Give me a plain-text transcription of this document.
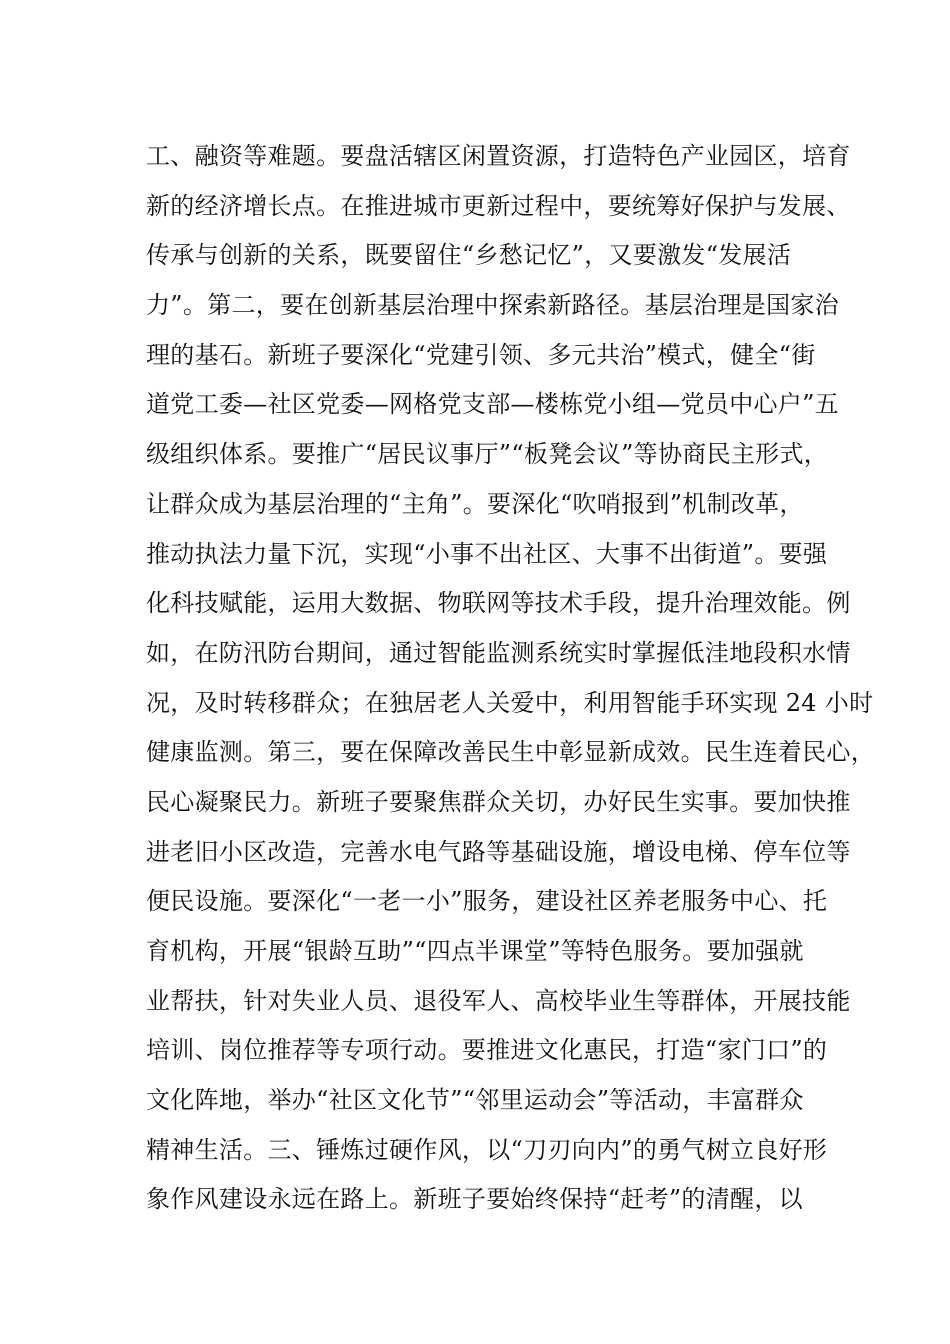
工、融资等难题。要盘活辖区闲置资源，打造特色产业园区，培育
新的经济增长点。在推进城市更新过程中，要统筹好保护与发展、
传承与创新的关系，既要留住“乡愁记忆”，又要激发“发展活
力”。第二，要在创新基层治理中探索新路径。基层治理是国家治
理的基石。新班子要深化“党建引领、多元共治”模式，健全“街
道党工委—社区党委—网格党支部—楼栋党小组—党员中心户”五
级组织体系。要推广“居民议事厅”“板凳会议”等协商民主形式，
让群众成为基层治理的“主角”。要深化“吹哨报到”机制改革，
推动执法力量下沉，实现“小事不出社区、大事不出街道”。要强
化科技赋能，运用大数据、物联网等技术手段，提升治理效能。例
如，在防汛防台期间，通过智能监测系统实时掌握低洼地段积水情
况，及时转移群众；在独居老人关爱中，利用智能手环实现 24 小时
健康监测。第三，要在保障改善民生中彰显新成效。民生连着民心，
民心凝聚民力。新班子要聚焦群众关切，办好民生实事。要加快推
进老旧小区改造，完善水电气路等基础设施，增设电梯、停车位等
便民设施。要深化“一老一小”服务，建设社区养老服务中心、托
育机构，开展“银龄互助”“四点半课堂”等特色服务。要加强就
业帮扶，针对失业人员、退役军人、高校毕业生等群体，开展技能
培训、岗位推荐等专项行动。要推进文化惠民，打造“家门口”的
文化阵地，举办“社区文化节”“邻里运动会”等活动，丰富群众
精神生活。三、锤炼过硬作风，以“刀刃向内”的勇气树立良好形
象作风建设永远在路上。新班子要始终保持“赶考”的清醒，以
